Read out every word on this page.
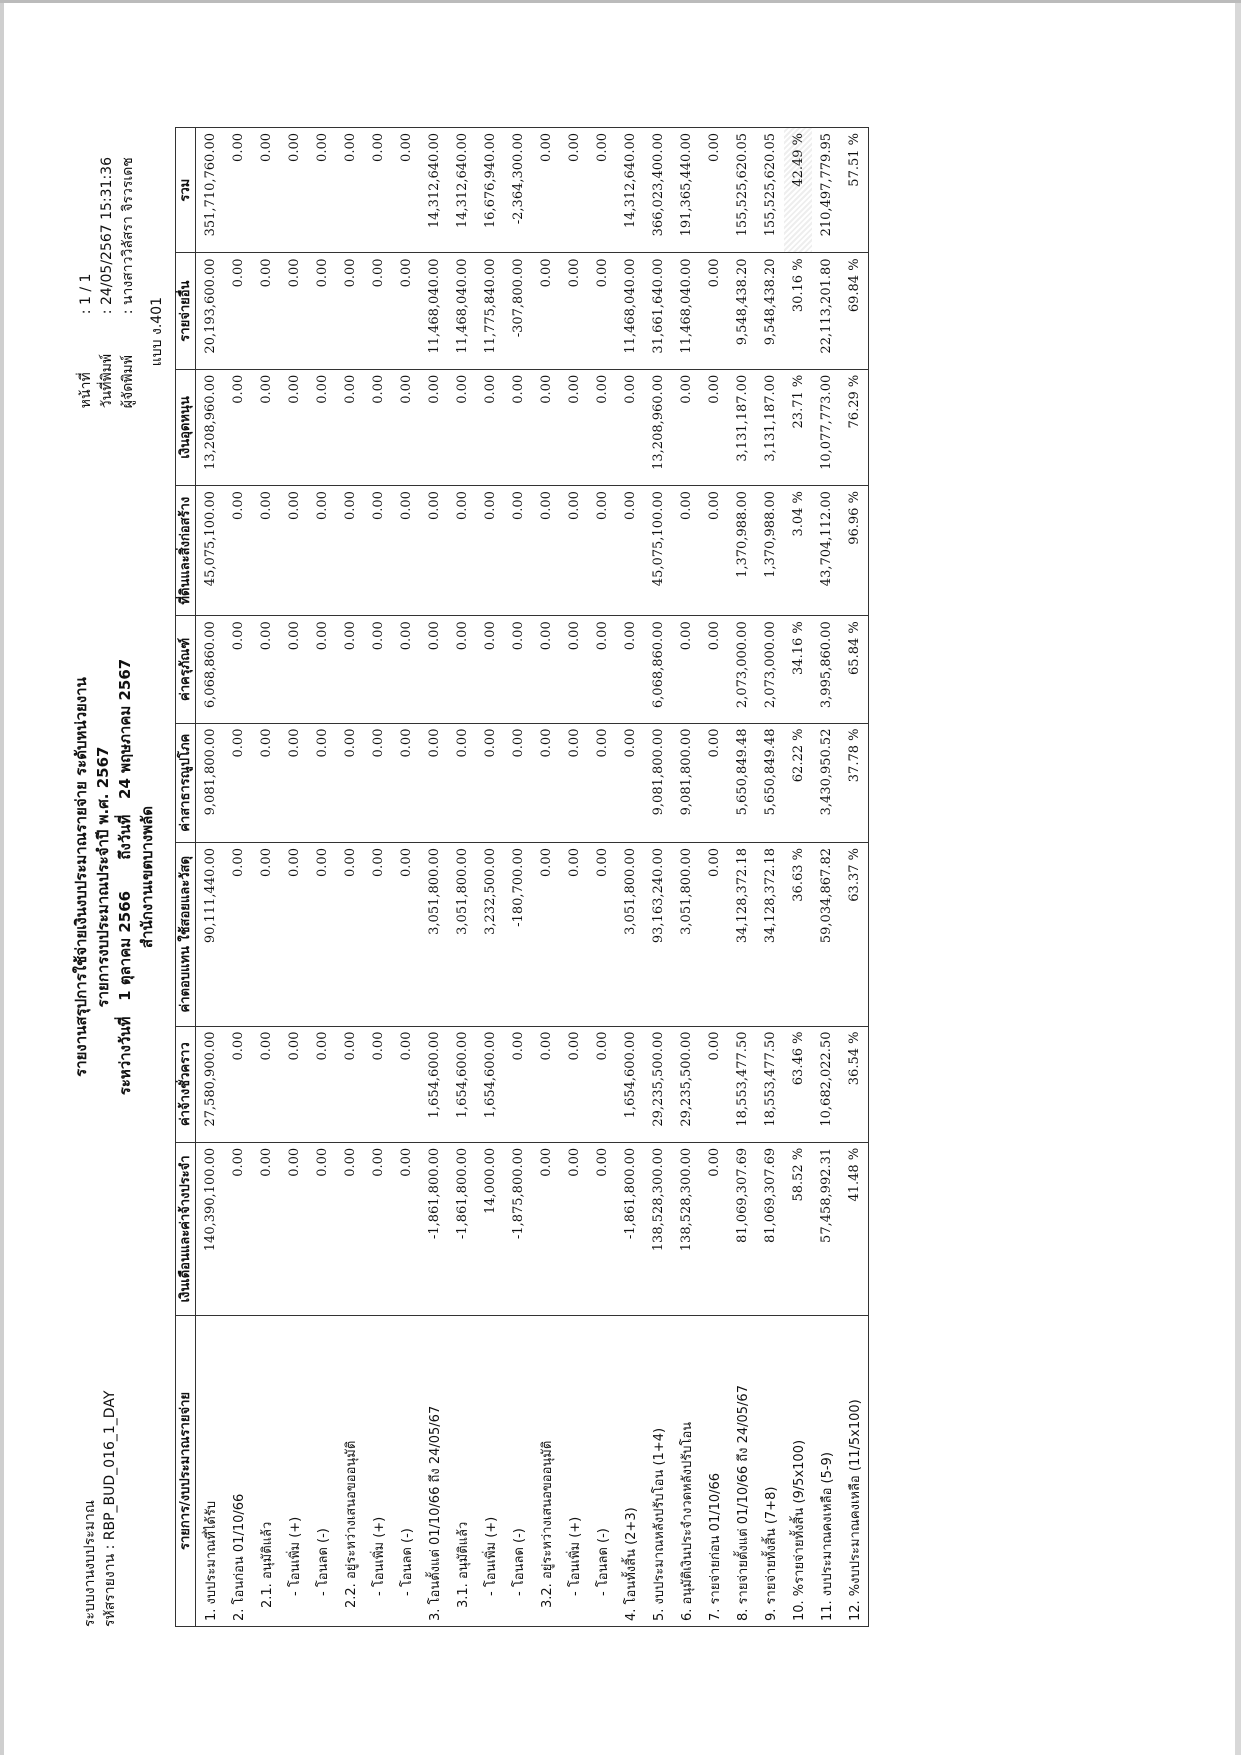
ระบบงานงบประมาณ รหัสรายงาน : RBP_BUD_016_1_DAY
รายงานสรุปการใช้จ่ายเงินงบประมาณรายจ่าย ระดับหน่วยงาน รายการงบประมาณประจำปี พ.ศ. 2567 ระหว่างวันที่   1 ตุลาคม 2566      ถึงวันที่   24 พฤษภาคม 2567 สำนักงานเขตบางพลัด
หน้าที่
: 1 / 1
วันที่พิมพ์
: 24/05/2567 15:31:36
ผู้จัดพิมพ์
: นางสาววิลัสรา จิรวรเดช
แบบ ง.401
รายการ/งบประมาณรายจ่าย	เงินเดือนและค่าจ้างประจำ	ค่าจ้างชั่วคราว	ค่าตอบแทน ใช้สอยและวัสดุ	ค่าสาธารณูปโภค	ค่าครุภัณฑ์	ที่ดินและสิ่งก่อสร้าง	เงินอุดหนุน	รายจ่ายอื่น	รวม
1. งบประมาณที่ได้รับ	140,390,100.00	27,580,900.00	90,111,440.00	9,081,800.00	6,068,860.00	45,075,100.00	13,208,960.00	20,193,600.00	351,710,760.00
2. โอนก่อน 01/10/66	0.00	0.00	0.00	0.00	0.00	0.00	0.00	0.00	0.00
2.1. อนุมัติแล้ว	0.00	0.00	0.00	0.00	0.00	0.00	0.00	0.00	0.00
- โอนเพิ่ม (+)	0.00	0.00	0.00	0.00	0.00	0.00	0.00	0.00	0.00
- โอนลด (-)	0.00	0.00	0.00	0.00	0.00	0.00	0.00	0.00	0.00
2.2. อยู่ระหว่างเสนอขออนุมัติ	0.00	0.00	0.00	0.00	0.00	0.00	0.00	0.00	0.00
- โอนเพิ่ม (+)	0.00	0.00	0.00	0.00	0.00	0.00	0.00	0.00	0.00
- โอนลด (-)	0.00	0.00	0.00	0.00	0.00	0.00	0.00	0.00	0.00
3. โอนตั้งแต่ 01/10/66 ถึง 24/05/67	-1,861,800.00	1,654,600.00	3,051,800.00	0.00	0.00	0.00	0.00	11,468,040.00	14,312,640.00
3.1. อนุมัติแล้ว	-1,861,800.00	1,654,600.00	3,051,800.00	0.00	0.00	0.00	0.00	11,468,040.00	14,312,640.00
- โอนเพิ่ม (+)	14,000.00	1,654,600.00	3,232,500.00	0.00	0.00	0.00	0.00	11,775,840.00	16,676,940.00
- โอนลด (-)	-1,875,800.00	0.00	-180,700.00	0.00	0.00	0.00	0.00	-307,800.00	-2,364,300.00
3.2. อยู่ระหว่างเสนอขออนุมัติ	0.00	0.00	0.00	0.00	0.00	0.00	0.00	0.00	0.00
- โอนเพิ่ม (+)	0.00	0.00	0.00	0.00	0.00	0.00	0.00	0.00	0.00
- โอนลด (-)	0.00	0.00	0.00	0.00	0.00	0.00	0.00	0.00	0.00
4. โอนทั้งสิ้น (2+3)	-1,861,800.00	1,654,600.00	3,051,800.00	0.00	0.00	0.00	0.00	11,468,040.00	14,312,640.00
5. งบประมาณหลังปรับโอน (1+4)	138,528,300.00	29,235,500.00	93,163,240.00	9,081,800.00	6,068,860.00	45,075,100.00	13,208,960.00	31,661,640.00	366,023,400.00
6. อนุมัติเงินประจำงวดหลังปรับโอน	138,528,300.00	29,235,500.00	3,051,800.00	9,081,800.00	0.00	0.00	0.00	11,468,040.00	191,365,440.00
7. รายจ่ายก่อน 01/10/66	0.00	0.00	0.00	0.00	0.00	0.00	0.00	0.00	0.00
8. รายจ่ายตั้งแต่ 01/10/66 ถึง 24/05/67	81,069,307.69	18,553,477.50	34,128,372.18	5,650,849.48	2,073,000.00	1,370,988.00	3,131,187.00	9,548,438.20	155,525,620.05
9. รายจ่ายทั้งสิ้น (7+8)	81,069,307.69	18,553,477.50	34,128,372.18	5,650,849.48	2,073,000.00	1,370,988.00	3,131,187.00	9,548,438.20	155,525,620.05
10. %รายจ่ายทั้งสิ้น (9/5x100)	58.52 %	63.46 %	36.63 %	62.22 %	34.16 %	3.04 %	23.71 %	30.16 %	42.49 %
11. งบประมาณคงเหลือ (5-9)	57,458,992.31	10,682,022.50	59,034,867.82	3,430,950.52	3,995,860.00	43,704,112.00	10,077,773.00	22,113,201.80	210,497,779.95
12. %งบประมาณคงเหลือ (11/5x100)	41.48 %	36.54 %	63.37 %	37.78 %	65.84 %	96.96 %	76.29 %	69.84 %	57.51 %
